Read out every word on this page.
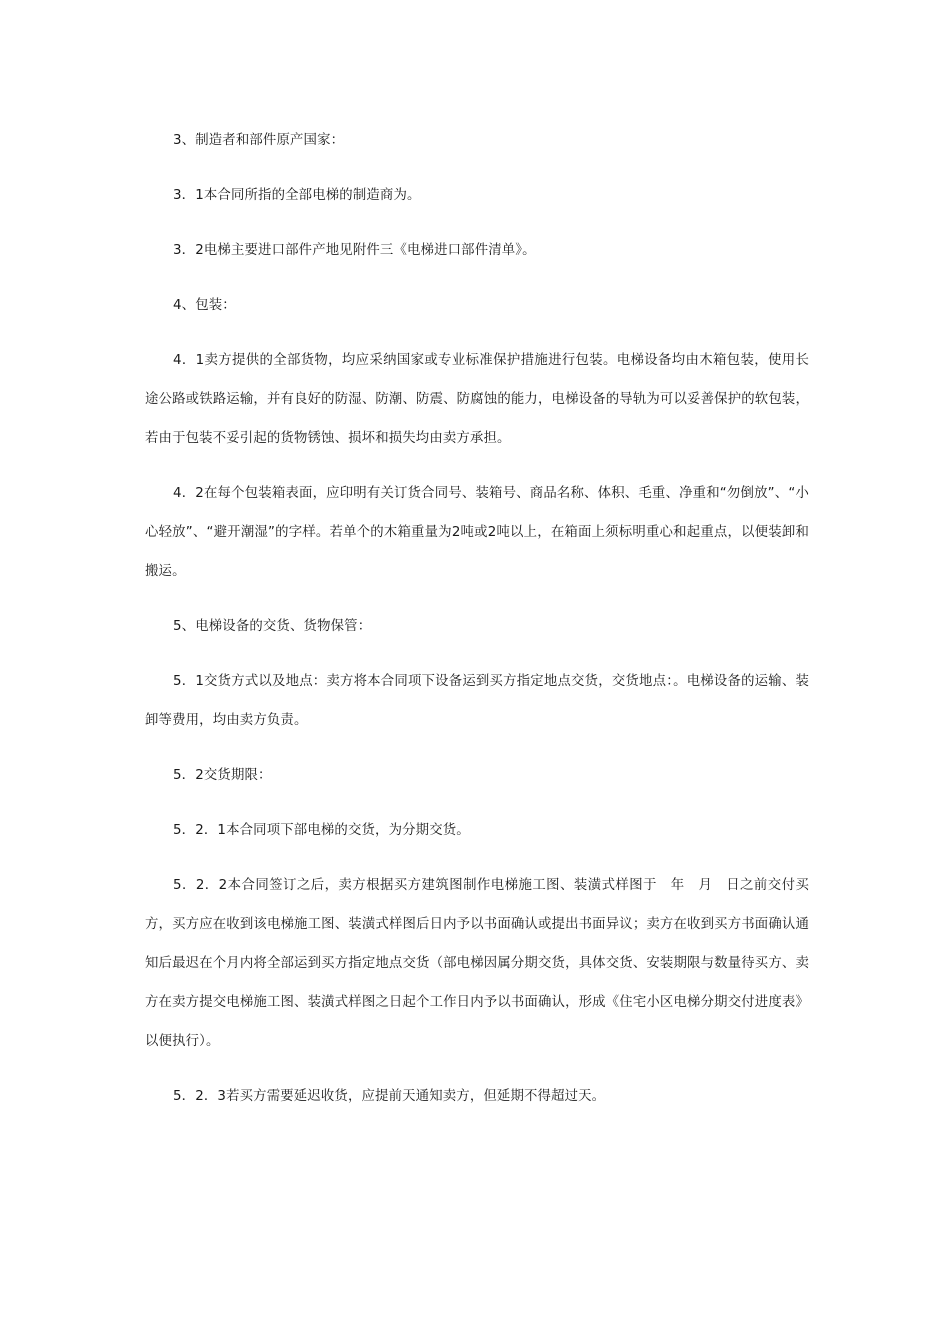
3、制造者和部件原产国家：

3．1本合同所指的全部电梯的制造商为。

3．2电梯主要进口部件产地见附件三《电梯进口部件清单》。

4、包装：

4．1卖方提供的全部货物，均应采纳国家或专业标准保护措施进行包装。电梯设备均由木箱包装，使用长途公路或铁路运输，并有良好的防湿、防潮、防震、防腐蚀的能力，电梯设备的导轨为可以妥善保护的软包装，若由于包装不妥引起的货物锈蚀、损坏和损失均由卖方承担。

4．2在每个包装箱表面，应印明有关订货合同号、装箱号、商品名称、体积、毛重、净重和“勿倒放”、“小心轻放”、“避开潮湿”的字样。若单个的木箱重量为2吨或2吨以上，在箱面上须标明重心和起重点，以便装卸和搬运。

5、电梯设备的交货、货物保管：

5．1交货方式以及地点：卖方将本合同项下设备运到买方指定地点交货，交货地点：。电梯设备的运输、装卸等费用，均由卖方负责。

5．2交货期限：

5．2．1本合同项下部电梯的交货，为分期交货。

5．2．2本合同签订之后，卖方根据买方建筑图制作电梯施工图、装潢式样图于　年　月　日之前交付买方，买方应在收到该电梯施工图、装潢式样图后日内予以书面确认或提出书面异议；卖方在收到买方书面确认通知后最迟在个月内将全部运到买方指定地点交货（部电梯因属分期交货，具体交货、安装期限与数量待买方、卖方在卖方提交电梯施工图、装潢式样图之日起个工作日内予以书面确认，形成《住宅小区电梯分期交付进度表》以便执行）。

5．2．3若买方需要延迟收货，应提前天通知卖方，但延期不得超过天。
